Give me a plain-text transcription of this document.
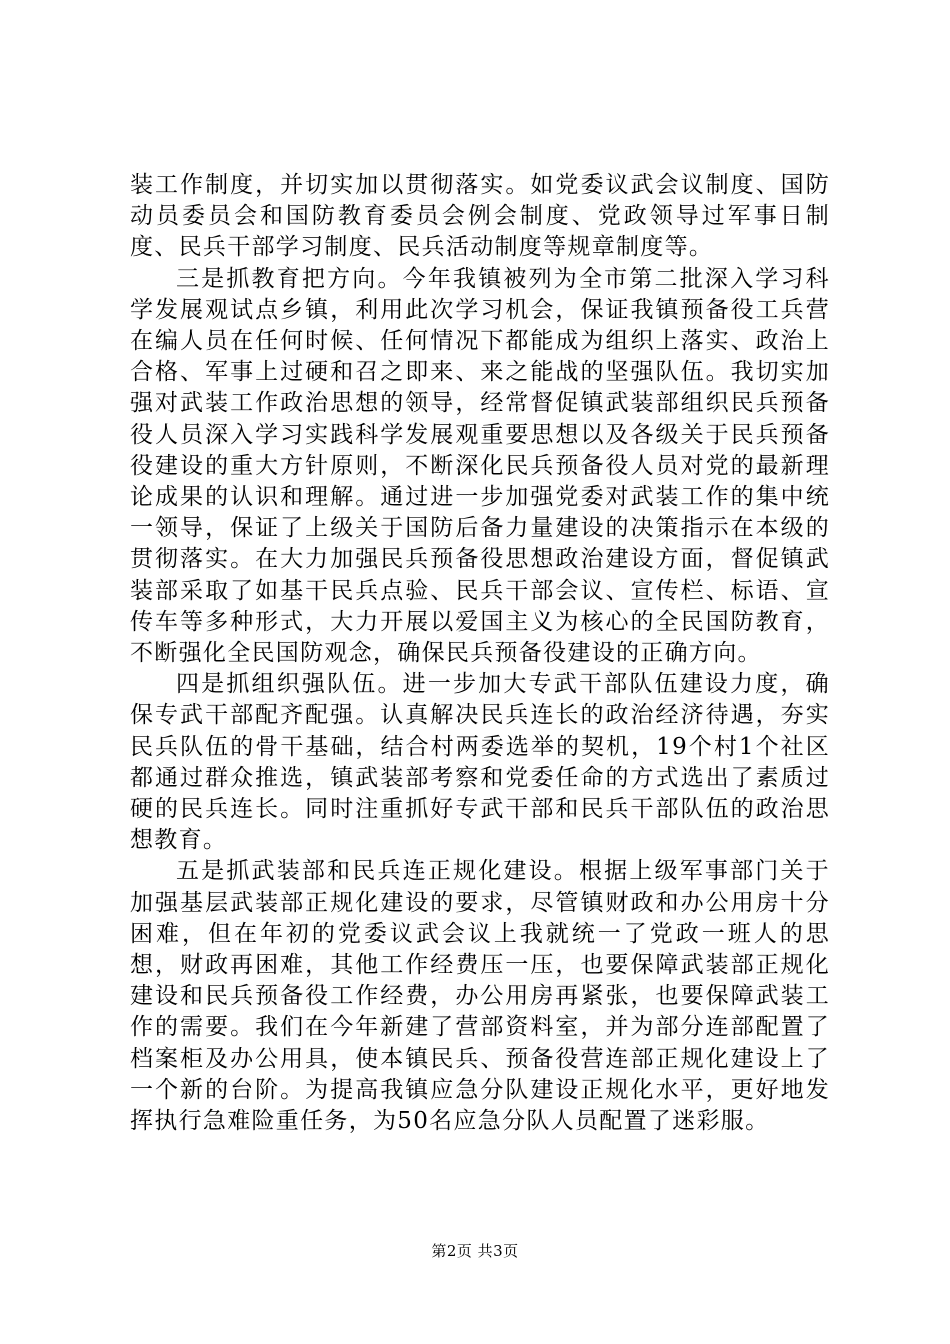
装工作制度，并切实加以贯彻落实。如党委议武会议制度、国防动员委员会和国防教育委员会例会制度、党政领导过军事日制度、民兵干部学习制度、民兵活动制度等规章制度等。

三是抓教育把方向。今年我镇被列为全市第二批深入学习科学发展观试点乡镇，利用此次学习机会，保证我镇预备役工兵营在编人员在任何时候、任何情况下都能成为组织上落实、政治上合格、军事上过硬和召之即来、来之能战的坚强队伍。我切实加强对武装工作政治思想的领导，经常督促镇武装部组织民兵预备役人员深入学习实践科学发展观重要思想以及各级关于民兵预备役建设的重大方针原则，不断深化民兵预备役人员对党的最新理论成果的认识和理解。通过进一步加强党委对武装工作的集中统一领导，保证了上级关于国防后备力量建设的决策指示在本级的贯彻落实。在大力加强民兵预备役思想政治建设方面，督促镇武装部采取了如基干民兵点验、民兵干部会议、宣传栏、标语、宣传车等多种形式，大力开展以爱国主义为核心的全民国防教育，不断强化全民国防观念，确保民兵预备役建设的正确方向。

四是抓组织强队伍。进一步加大专武干部队伍建设力度，确保专武干部配齐配强。认真解决民兵连长的政治经济待遇，夯实民兵队伍的骨干基础，结合村两委选举的契机，19个村1个社区都通过群众推选，镇武装部考察和党委任命的方式选出了素质过硬的民兵连长。同时注重抓好专武干部和民兵干部队伍的政治思想教育。

五是抓武装部和民兵连正规化建设。根据上级军事部门关于加强基层武装部正规化建设的要求，尽管镇财政和办公用房十分困难，但在年初的党委议武会议上我就统一了党政一班人的思想，财政再困难，其他工作经费压一压，也要保障武装部正规化建设和民兵预备役工作经费，办公用房再紧张，也要保障武装工作的需要。我们在今年新建了营部资料室，并为部分连部配置了档案柜及办公用具，使本镇民兵、预备役营连部正规化建设上了一个新的台阶。为提高我镇应急分队建设正规化水平，更好地发挥执行急难险重任务，为50名应急分队人员配置了迷彩服。

第2页 共3页
